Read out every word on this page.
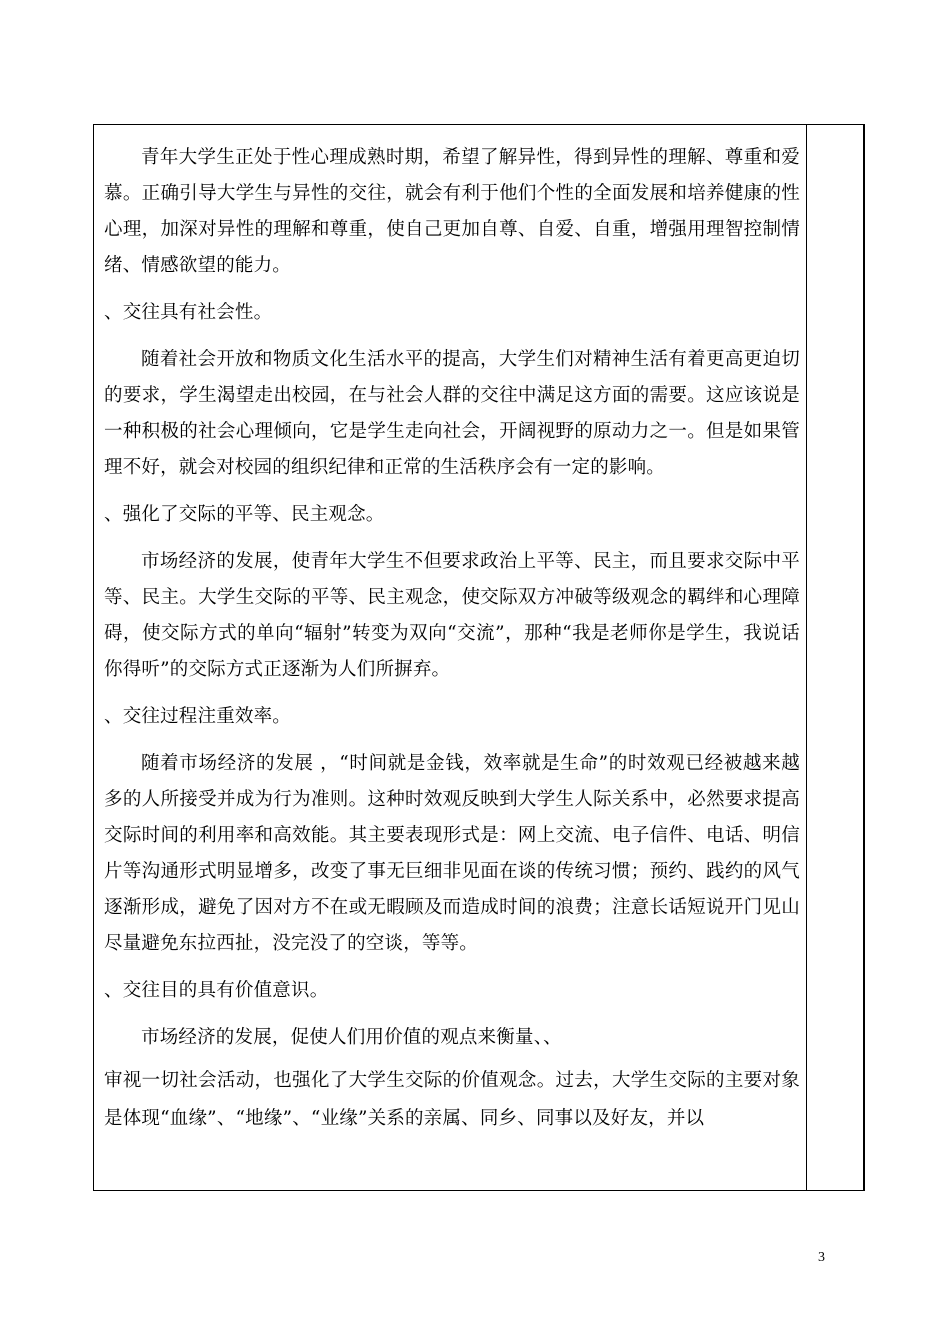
青年大学生正处于性心理成熟时期，希望了解异性，得到异性的理解、尊重和爱慕。正确引导大学生与异性的交往，就会有利于他们个性的全面发展和培养健康的性心理，加深对异性的理解和尊重，使自己更加自尊、自爱、自重，增强用理智控制情绪、情感欲望的能力。

、交往具有社会性。

随着社会开放和物质文化生活水平的提高，大学生们对精神生活有着更高更迫切的要求，学生渴望走出校园，在与社会人群的交往中满足这方面的需要。这应该说是一种积极的社会心理倾向，它是学生走向社会，开阔视野的原动力之一。但是如果管理不好，就会对校园的组织纪律和正常的生活秩序会有一定的影响。

、强化了交际的平等、民主观念。

市场经济的发展，使青年大学生不但要求政治上平等、民主，而且要求交际中平等、民主。大学生交际的平等、民主观念，使交际双方冲破等级观念的羁绊和心理障碍，使交际方式的单向“辐射”转变为双向“交流”，那种“我是老师你是学生，我说话你得听”的交际方式正逐渐为人们所摒弃。

、交往过程注重效率。

随着市场经济的发展 ，“时间就是金钱，效率就是生命”的时效观已经被越来越多的人所接受并成为行为准则。这种时效观反映到大学生人际关系中，必然要求提高交际时间的利用率和高效能。其主要表现形式是：网上交流、电子信件、电话、明信片等沟通形式明显增多，改变了事无巨细非见面在谈的传统习惯；预约、践约的风气逐渐形成，避免了因对方不在或无暇顾及而造成时间的浪费；注意长话短说开门见山 尽量避免东拉西扯，没完没了的空谈，等等。

、交往目的具有价值意识。

市场经济的发展，促使人们用价值的观点来衡量、、

审视一切社会活动，也强化了大学生交际的价值观念。过去，大学生交际的主要对象是体现“血缘”、“地缘”、“业缘”关系的亲属、同乡、同事以及好友，并以

3
